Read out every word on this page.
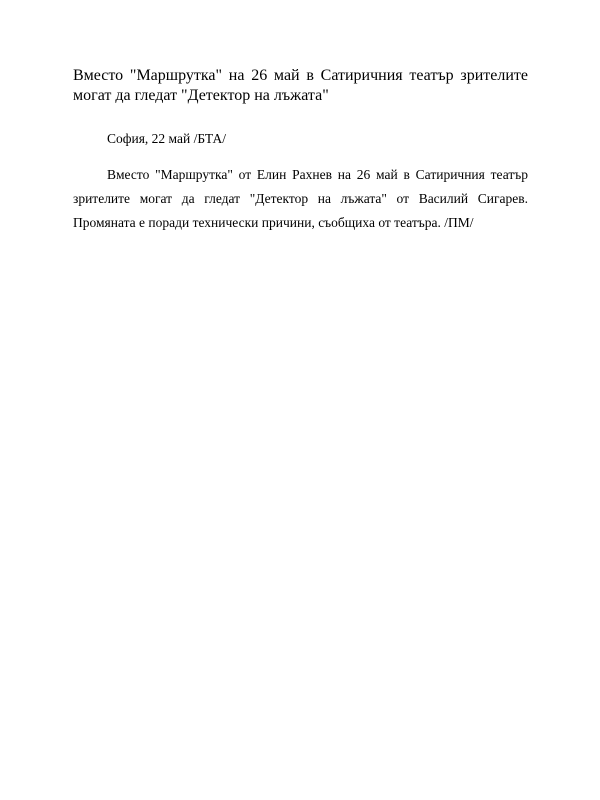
Вместо "Маршрутка" на 26 май в Сатиричния театър зрителите могат да гледат "Детектор на лъжата"

София, 22 май /БТА/

Вместо "Маршрутка" от Елин Рахнев на 26 май в Сатиричния театър зрителите могат да гледат "Детектор на лъжата" от Василий Сигарев. Промяната е поради технически причини, съобщиха от театъра. /ПМ/
